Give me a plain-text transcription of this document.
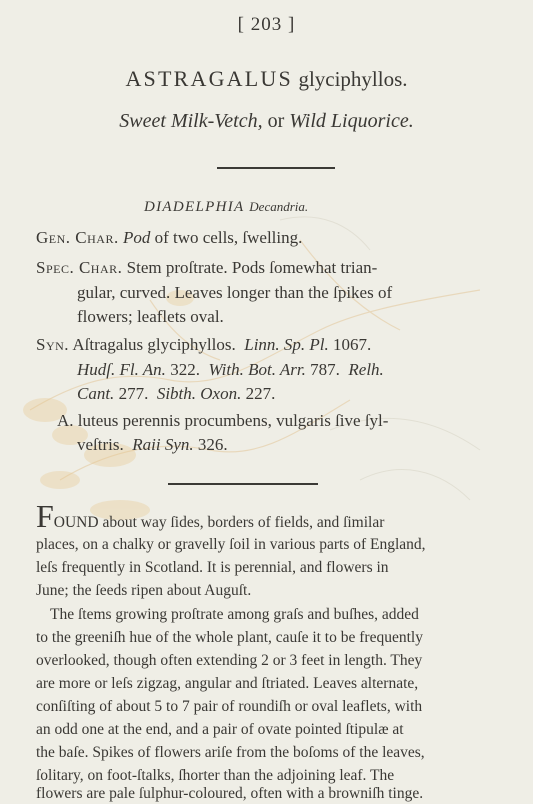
[ 203 ]
ASTRAGALUS glyciphyllos.
Sweet Milk-Vetch, or Wild Liquorice.
DIADELPHIA Decandria.
Gen. Char. Pod of two cells, ſwelling.
Spec. Char. Stem proſtrate. Pods ſomewhat trian-
gular, curved. Leaves longer than the ſpikes of
flowers; leaflets oval.
Syn. Aſtragalus glyciphyllos. Linn. Sp. Pl. 1067.
Hudſ. Fl. An. 322. With. Bot. Arr. 787. Relh.
Cant. 277. Sibth. Oxon. 227.
A. luteus perennis procumbens, vulgaris ſive ſyl-
veſtris. Raii Syn. 326.
FOUND about way ſides, borders of fields, and ſimilar
places, on a chalky or gravelly ſoil in various parts of England,
leſs frequently in Scotland. It is perennial, and flowers in
June; the ſeeds ripen about Auguſt.
The ſtems growing proſtrate among graſs and buſhes, added
to the greeniſh hue of the whole plant, cauſe it to be frequently
overlooked, though often extending 2 or 3 feet in length. They
are more or leſs zigzag, angular and ſtriated. Leaves alternate,
conſiſting of about 5 to 7 pair of roundiſh or oval leaflets, with
an odd one at the end, and a pair of ovate pointed ſtipulæ at
the baſe. Spikes of flowers ariſe from the boſoms of the leaves,
ſolitary, on foot-ſtalks, ſhorter than the adjoining leaf. The
flowers are pale ſulphur-coloured, often with a browniſh tinge.
